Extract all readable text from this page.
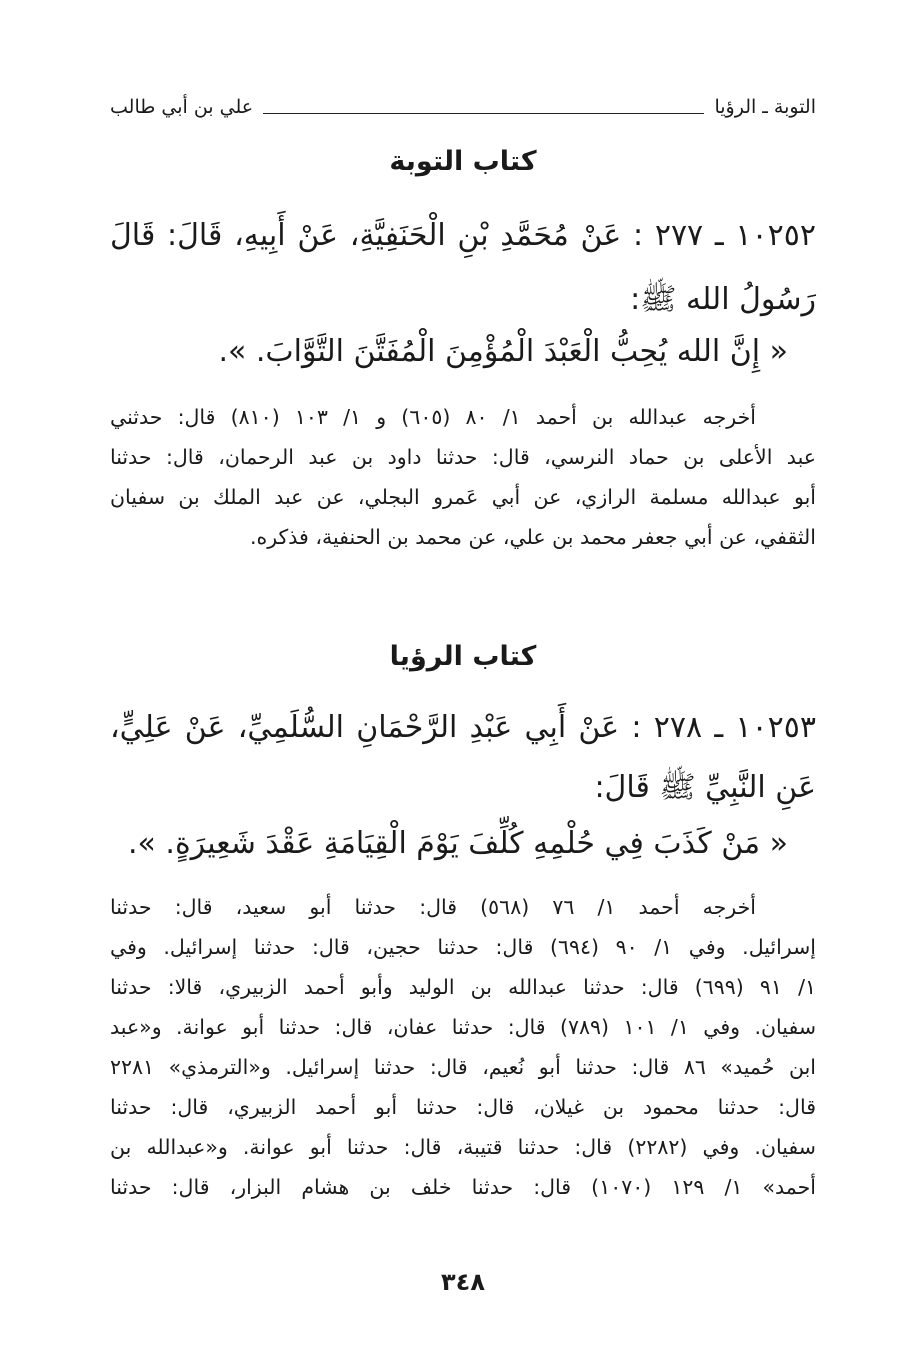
التوبة ـ الرؤيا
علي بن أبي طالب
كتاب التوبة
١٠٢٥٢ ـ ٢٧٧ : عَنْ مُحَمَّدِ بْنِ الْحَنَفِيَّةِ، عَنْ أَبِيهِ، قَالَ: قَالَ
رَسُولُ الله ﷺ:
« إِنَّ الله يُحِبُّ الْعَبْدَ الْمُؤْمِنَ الْمُفَتَّنَ التَّوَّابَ. ».
أخرجه عبدالله بن أحمد ١/ ٨٠ (٦٠٥) و ١/ ١٠٣ (٨١٠) قال: حدثني
عبد الأعلى بن حماد النرسي، قال: حدثنا داود بن عبد الرحمان، قال: حدثنا
أبو عبدالله مسلمة الرازي، عن أبي عَمرو البجلي، عن عبد الملك بن سفيان
الثقفي، عن أبي جعفر محمد بن علي، عن محمد بن الحنفية، فذكره.
كتاب الرؤيا
١٠٢٥٣ ـ ٢٧٨ : عَنْ أَبِي عَبْدِ الرَّحْمَانِ السُّلَمِيِّ، عَنْ عَلِيٍّ،
عَنِ النَّبِيِّ ﷺ قَالَ:
« مَنْ كَذَبَ فِي حُلْمِهِ كُلِّفَ يَوْمَ الْقِيَامَةِ عَقْدَ شَعِيرَةٍ. ».
أخرجه أحمد ١/ ٧٦ (٥٦٨) قال: حدثنا أبو سعيد، قال: حدثنا
إسرائيل. وفي ١/ ٩٠ (٦٩٤) قال: حدثنا حجين، قال: حدثنا إسرائيل. وفي
١/ ٩١ (٦٩٩) قال: حدثنا عبدالله بن الوليد وأبو أحمد الزبيري، قالا: حدثنا
سفيان. وفي ١/ ١٠١ (٧٨٩) قال: حدثنا عفان، قال: حدثنا أبو عوانة. و«عبد
ابن حُميد» ٨٦ قال: حدثنا أبو نُعيم، قال: حدثنا إسرائيل. و«الترمذي» ٢٢٨١
قال: حدثنا محمود بن غيلان، قال: حدثنا أبو أحمد الزبيري، قال: حدثنا
سفيان. وفي (٢٢٨٢) قال: حدثنا قتيبة، قال: حدثنا أبو عوانة. و«عبدالله بن
أحمد» ١/ ١٢٩ (١٠٧٠) قال: حدثنا خلف بن هشام البزار، قال: حدثنا
٣٤٨
